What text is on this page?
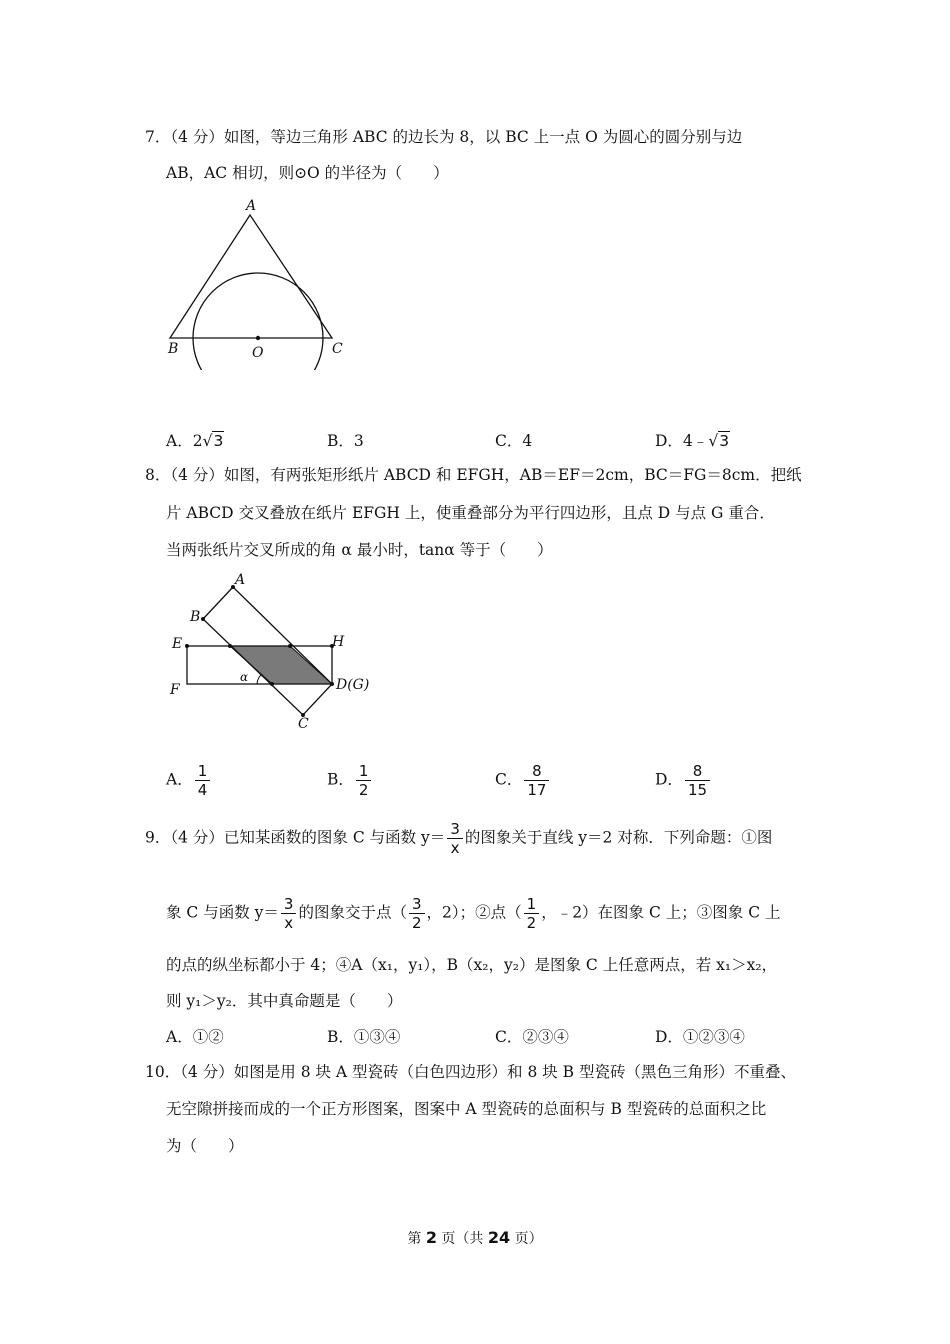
7．（4 分）如图，等边三角形 ABC 的边长为 8，以 BC 上一点 O 为圆心的圆分别与边
AB，AC 相切，则⊙O 的半径为（　　）
A
B	C
O
A．2√3	B．3	C．4	D．4﹣√3
8．（4 分）如图，有两张矩形纸片 ABCD 和 EFGH，AB＝EF＝2cm，BC＝FG＝8cm．把纸
片 ABCD 交叉叠放在纸片 EFGH 上，使重叠部分为平行四边形，且点 D 与点 G 重合．
当两张纸片交叉所成的角 α 最小时，tanα 等于（　　）
A
B
E	H
F	D(G)
C
α
A． $\frac{1}{4}$	B． $\frac{1}{2}$	C． $\frac{8}{17}$	D． $\frac{8}{15}$
9．（4 分）已知某函数的图象 C 与函数 $y= \frac{3}{x}$ 的图象关于直线 y＝2 对称．下列命题：①图
象 C 与函数 $y= \frac{3}{x}$ 的图象交于点（ $\frac{3}{2}$ ，2）；②点（ $\frac{1}{2}$ ，﹣2）在图象 C 上；③图象 C 上
的点的纵坐标都小于 4；④A（x₁，y₁），B（x₂，y₂）是图象 C 上任意两点，若 x₁＞x₂，
则 y₁＞y₂．其中真命题是（　　）
A．①②	B．①③④	C．②③④	D．①②③④
10．（4 分）如图是用 8 块 A 型瓷砖（白色四边形）和 8 块 B 型瓷砖（黑色三角形）不重叠、
无空隙拼接而成的一个正方形图案，图案中 A 型瓷砖的总面积与 B 型瓷砖的总面积之比
为（　　）
第 2 页（共 24 页）
